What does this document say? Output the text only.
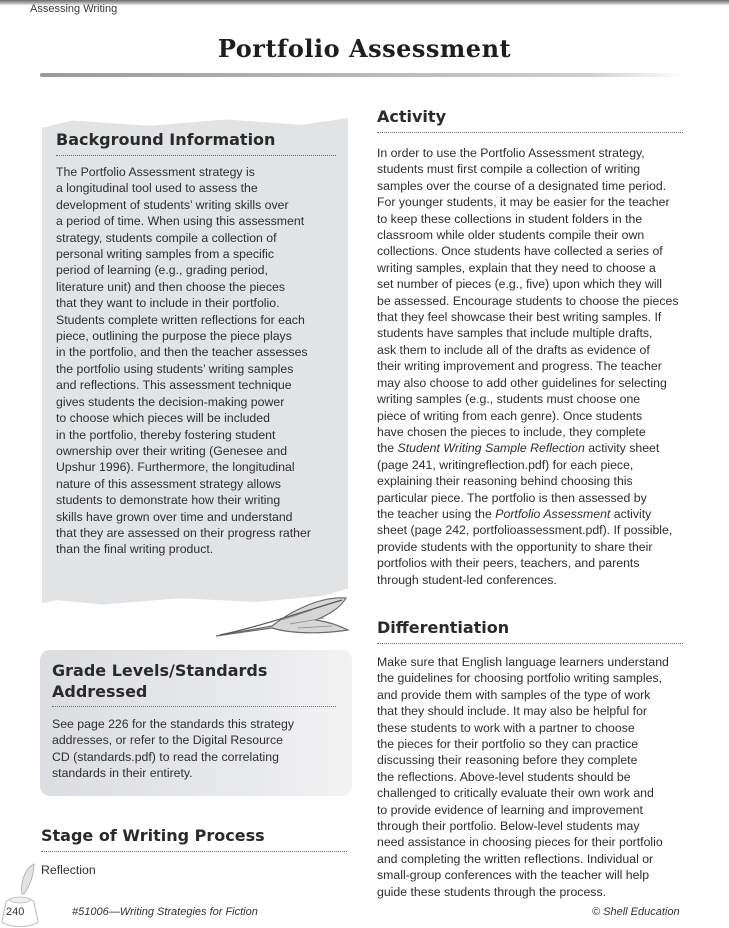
Assessing Writing
Portfolio Assessment
Background Information
The Portfolio Assessment strategy is
a longitudinal tool used to assess the
development of students’ writing skills over
a period of time. When using this assessment
strategy, students compile a collection of
personal writing samples from a specific
period of learning (e.g., grading period,
literature unit) and then choose the pieces
that they want to include in their portfolio.
Students complete written reflections for each
piece, outlining the purpose the piece plays
in the portfolio, and then the teacher assesses
the portfolio using students’ writing samples
and reflections. This assessment technique
gives students the decision-making power
to choose which pieces will be included
in the portfolio, thereby fostering student
ownership over their writing (Genesee and
Upshur 1996). Furthermore, the longitudinal
nature of this assessment strategy allows
students to demonstrate how their writing
skills have grown over time and understand
that they are assessed on their progress rather
than the final writing product.
Grade Levels/Standards
Addressed
See page 226 for the standards this strategy
addresses, or refer to the Digital Resource
CD (standards.pdf) to read the correlating
standards in their entirety.
Stage of Writing Process
Reflection
240	#51006—Writing Strategies for Fiction	© Shell Education
Activity
In order to use the Portfolio Assessment strategy,
students must first compile a collection of writing
samples over the course of a designated time period.
For younger students, it may be easier for the teacher
to keep these collections in student folders in the
classroom while older students compile their own
collections. Once students have collected a series of
writing samples, explain that they need to choose a
set number of pieces (e.g., five) upon which they will
be assessed. Encourage students to choose the pieces
that they feel showcase their best writing samples. If
students have samples that include multiple drafts,
ask them to include all of the drafts as evidence of
their writing improvement and progress. The teacher
may also choose to add other guidelines for selecting
writing samples (e.g., students must choose one
piece of writing from each genre). Once students
have chosen the pieces to include, they complete
the Student Writing Sample Reflection activity sheet
(page 241, writingreflection.pdf) for each piece,
explaining their reasoning behind choosing this
particular piece. The portfolio is then assessed by
the teacher using the Portfolio Assessment activity
sheet (page 242, portfolioassessment.pdf). If possible,
provide students with the opportunity to share their
portfolios with their peers, teachers, and parents
through student-led conferences.
Differentiation
Make sure that English language learners understand
the guidelines for choosing portfolio writing samples,
and provide them with samples of the type of work
that they should include. It may also be helpful for
these students to work with a partner to choose
the pieces for their portfolio so they can practice
discussing their reasoning before they complete
the reflections. Above-level students should be
challenged to critically evaluate their own work and
to provide evidence of learning and improvement
through their portfolio. Below-level students may
need assistance in choosing pieces for their portfolio
and completing the written reflections. Individual or
small-group conferences with the teacher will help
guide these students through the process.
